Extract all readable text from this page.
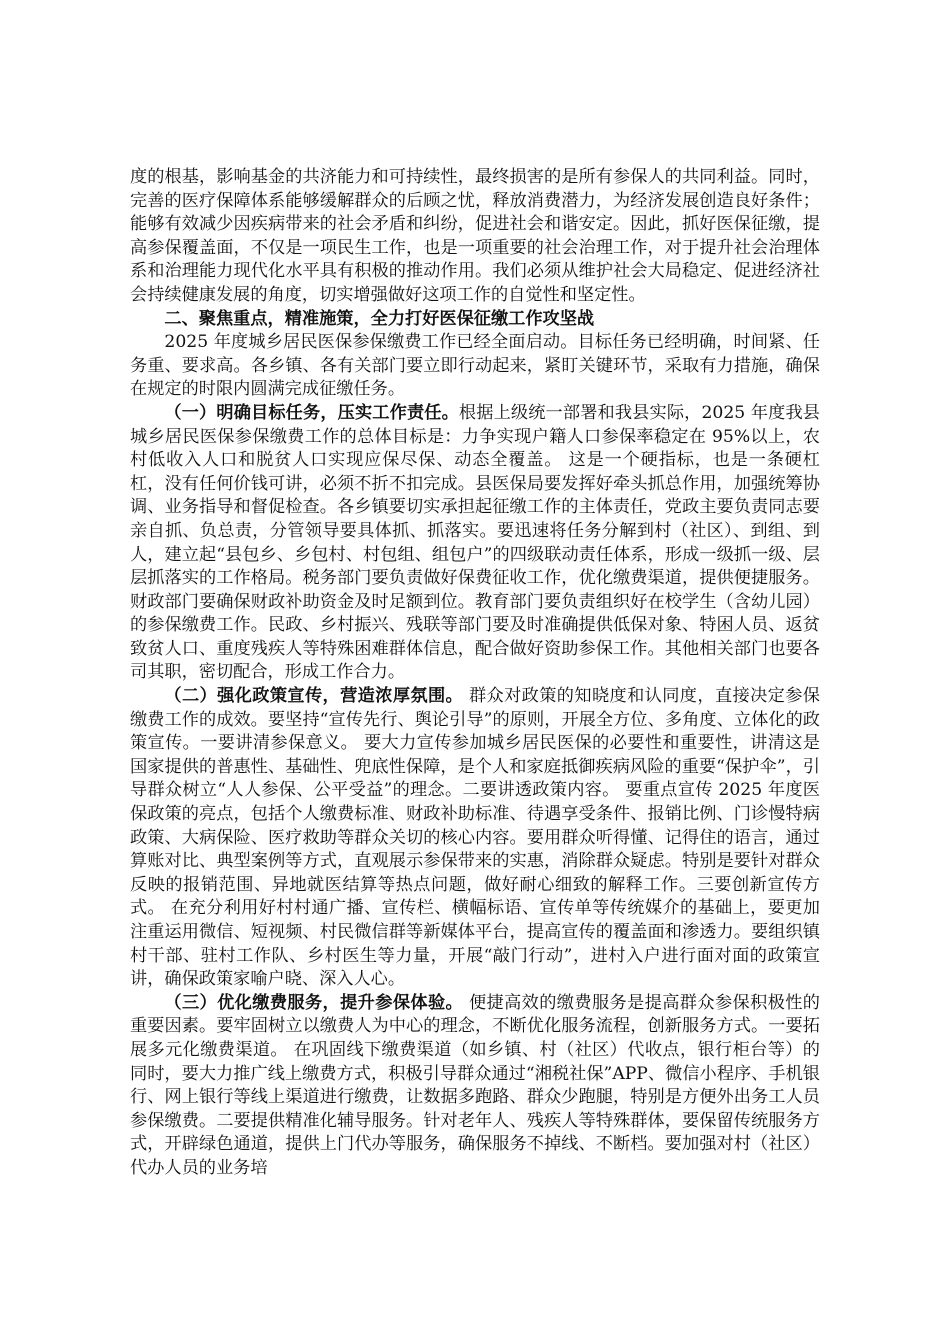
度的根基，影响基金的共济能力和可持续性，最终损害的是所有参保人的共同利益。同时，完善的医疗保障体系能够缓解群众的后顾之忧，释放消费潜力，为经济发展创造良好条件；能够有效减少因疾病带来的社会矛盾和纠纷，促进社会和谐安定。因此，抓好医保征缴，提高参保覆盖面，不仅是一项民生工作，也是一项重要的社会治理工作，对于提升社会治理体系和治理能力现代化水平具有积极的推动作用。我们必须从维护社会大局稳定、促进经济社会持续健康发展的角度，切实增强做好这项工作的自觉性和坚定性。

二、聚焦重点，精准施策，全力打好医保征缴工作攻坚战

2025 年度城乡居民医保参保缴费工作已经全面启动。目标任务已经明确，时间紧、任务重、要求高。各乡镇、各有关部门要立即行动起来，紧盯关键环节，采取有力措施，确保在规定的时限内圆满完成征缴任务。

（一）明确目标任务，压实工作责任。根据上级统一部署和我县实际，2025 年度我县城乡居民医保参保缴费工作的总体目标是：力争实现户籍人口参保率稳定在 95%以上，农村低收入人口和脱贫人口实现应保尽保、动态全覆盖。 这是一个硬指标，也是一条硬杠杠，没有任何价钱可讲，必须不折不扣完成。县医保局要发挥好牵头抓总作用，加强统筹协调、业务指导和督促检查。各乡镇要切实承担起征缴工作的主体责任，党政主要负责同志要亲自抓、负总责，分管领导要具体抓、抓落实。要迅速将任务分解到村（社区）、到组、到人，建立起“县包乡、乡包村、村包组、组包户”的四级联动责任体系，形成一级抓一级、层层抓落实的工作格局。税务部门要负责做好保费征收工作，优化缴费渠道，提供便捷服务。财政部门要确保财政补助资金及时足额到位。教育部门要负责组织好在校学生（含幼儿园）的参保缴费工作。民政、乡村振兴、残联等部门要及时准确提供低保对象、特困人员、返贫致贫人口、重度残疾人等特殊困难群体信息，配合做好资助参保工作。其他相关部门也要各司其职，密切配合，形成工作合力。

（二）强化政策宣传，营造浓厚氛围。 群众对政策的知晓度和认同度，直接决定参保缴费工作的成效。要坚持“宣传先行、舆论引导”的原则，开展全方位、多角度、立体化的政策宣传。一要讲清参保意义。 要大力宣传参加城乡居民医保的必要性和重要性，讲清这是国家提供的普惠性、基础性、兜底性保障，是个人和家庭抵御疾病风险的重要“保护伞”，引导群众树立“人人参保、公平受益”的理念。二要讲透政策内容。 要重点宣传 2025 年度医保政策的亮点，包括个人缴费标准、财政补助标准、待遇享受条件、报销比例、门诊慢特病政策、大病保险、医疗救助等群众关切的核心内容。要用群众听得懂、记得住的语言，通过算账对比、典型案例等方式，直观展示参保带来的实惠，消除群众疑虑。特别是要针对群众反映的报销范围、异地就医结算等热点问题，做好耐心细致的解释工作。三要创新宣传方式。 在充分利用好村村通广播、宣传栏、横幅标语、宣传单等传统媒介的基础上，要更加注重运用微信、短视频、村民微信群等新媒体平台，提高宣传的覆盖面和渗透力。要组织镇村干部、驻村工作队、乡村医生等力量，开展“敲门行动”，进村入户进行面对面的政策宣讲，确保政策家喻户晓、深入人心。

（三）优化缴费服务，提升参保体验。 便捷高效的缴费服务是提高群众参保积极性的重要因素。要牢固树立以缴费人为中心的理念，不断优化服务流程，创新服务方式。一要拓展多元化缴费渠道。 在巩固线下缴费渠道（如乡镇、村（社区）代收点，银行柜台等）的同时，要大力推广线上缴费方式，积极引导群众通过“湘税社保”APP、微信小程序、手机银行、网上银行等线上渠道进行缴费，让数据多跑路、群众少跑腿，特别是方便外出务工人员参保缴费。二要提供精准化辅导服务。针对老年人、残疾人等特殊群体，要保留传统服务方式，开辟绿色通道，提供上门代办等服务，确保服务不掉线、不断档。要加强对村（社区）代办人员的业务培
